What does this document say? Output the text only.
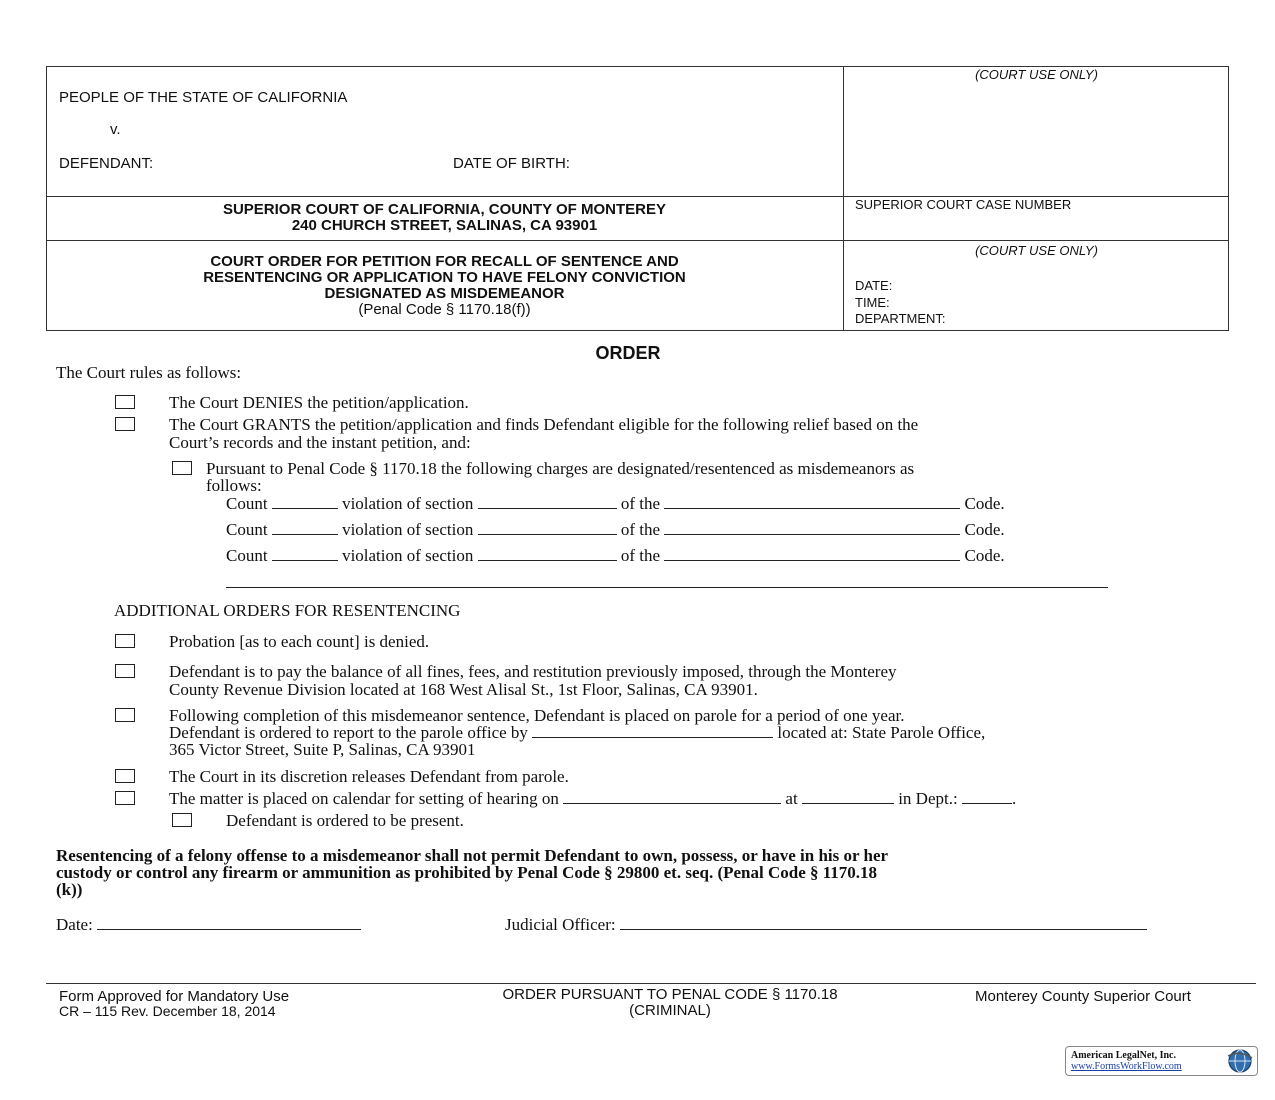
(COURT USE ONLY)
PEOPLE OF THE STATE OF CALIFORNIA
v.
DEFENDANT:	DATE OF BIRTH:
SUPERIOR COURT OF CALIFORNIA, COUNTY OF MONTEREY
240 CHURCH STREET, SALINAS, CA 93901
SUPERIOR COURT CASE NUMBER
COURT ORDER FOR PETITION FOR RECALL OF SENTENCE AND
RESENTENCING OR APPLICATION TO HAVE FELONY CONVICTION
DESIGNATED AS MISDEMEANOR
(Penal Code § 1170.18(f))
(COURT USE ONLY)
DATE:
TIME:
DEPARTMENT:
ORDER
The Court rules as follows:
The Court DENIES the petition/application.
The Court GRANTS the petition/application and finds Defendant eligible for the following relief based on the
Court’s records and the instant petition, and:
Pursuant to Penal Code § 1170.18 the following charges are designated/resentenced as misdemeanors as
follows:
Count	violation of section	of the	Code.
Count	violation of section	of the	Code.
Count	violation of section	of the	Code.
ADDITIONAL ORDERS FOR RESENTENCING
Probation [as to each count] is denied.
Defendant is to pay the balance of all fines, fees, and restitution previously imposed, through the Monterey
County Revenue Division located at 168 West Alisal St., 1st Floor, Salinas, CA 93901.
Following completion of this misdemeanor sentence, Defendant is placed on parole for a period of one year.
Defendant is ordered to report to the parole office by	located at: State Parole Office,
365 Victor Street, Suite P, Salinas, CA 93901
The Court in its discretion releases Defendant from parole.
The matter is placed on calendar for setting of hearing on	at	in Dept.:	.
Defendant is ordered to be present.
Resentencing of a felony offense to a misdemeanor shall not permit Defendant to own, possess, or have in his or her
custody or control any firearm or ammunition as prohibited by Penal Code § 29800 et. seq. (Penal Code § 1170.18
(k))
Date:	Judicial Officer:
Form Approved for Mandatory Use
CR – 115 Rev. December 18, 2014
ORDER PURSUANT TO PENAL CODE § 1170.18
(CRIMINAL)
Monterey County Superior Court
American LegalNet, Inc.
www.FormsWorkFlow.com
